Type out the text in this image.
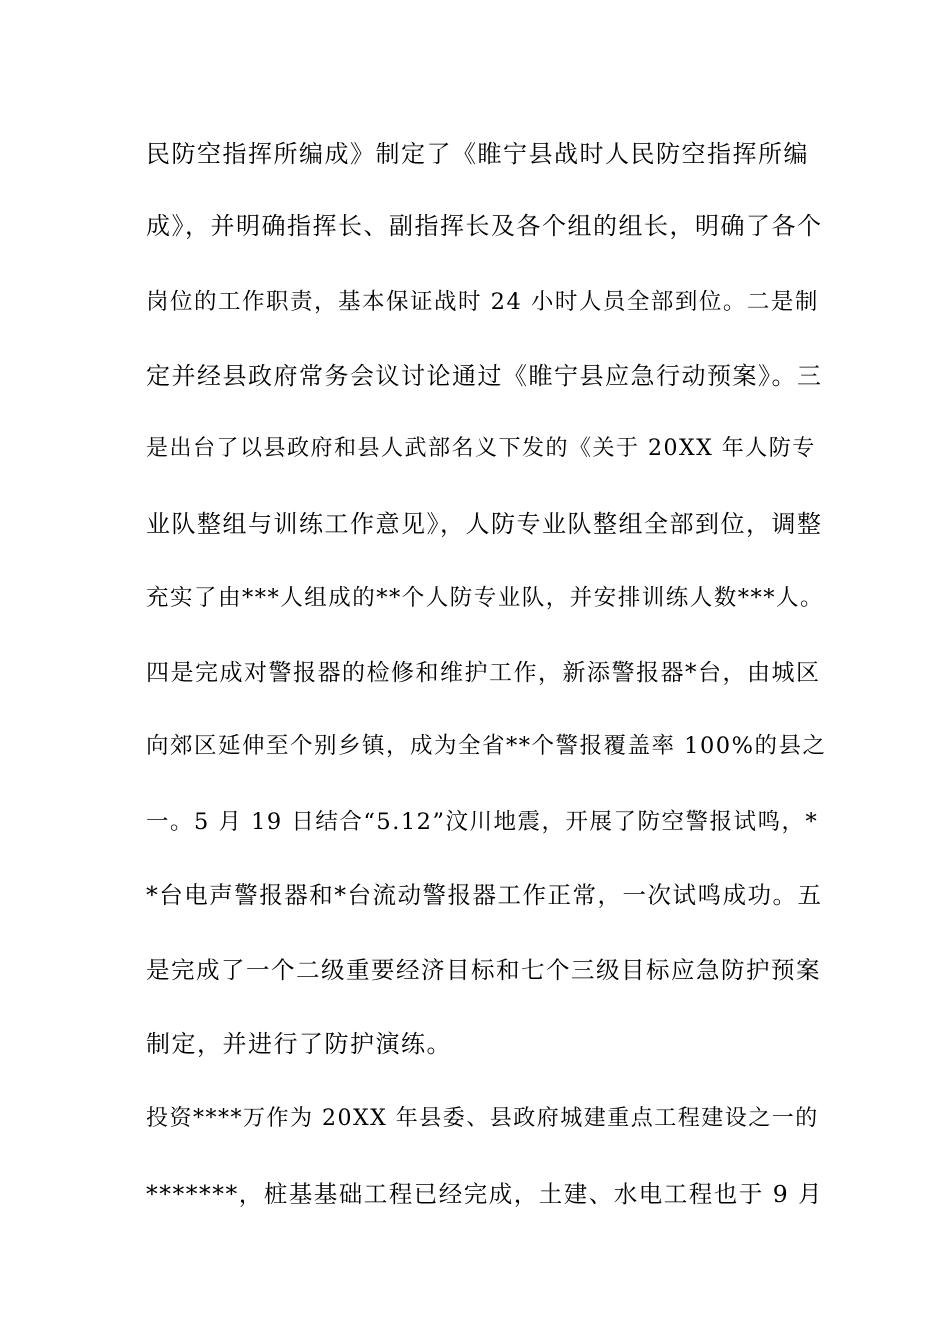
民防空指挥所编成》制定了《睢宁县战时人民防空指挥所编
成》，并明确指挥长、副指挥长及各个组的组长，明确了各个
岗位的工作职责，基本保证战时 24 小时人员全部到位。二是制
定并经县政府常务会议讨论通过《睢宁县应急行动预案》。三
是出台了以县政府和县人武部名义下发的《关于 20XX 年人防专
业队整组与训练工作意见》，人防专业队整组全部到位，调整
充实了由***人组成的**个人防专业队，并安排训练人数***人。
四是完成对警报器的检修和维护工作，新添警报器*台，由城区
向郊区延伸至个别乡镇，成为全省**个警报覆盖率 100%的县之
一。5 月 19 日结合“5.12”汶川地震，开展了防空警报试鸣，*
*台电声警报器和*台流动警报器工作正常，一次试鸣成功。五
是完成了一个二级重要经济目标和七个三级目标应急防护预案
制定，并进行了防护演练。
投资****万作为 20XX 年县委、县政府城建重点工程建设之一的
*******，桩基基础工程已经完成，土建、水电工程也于 9 月
